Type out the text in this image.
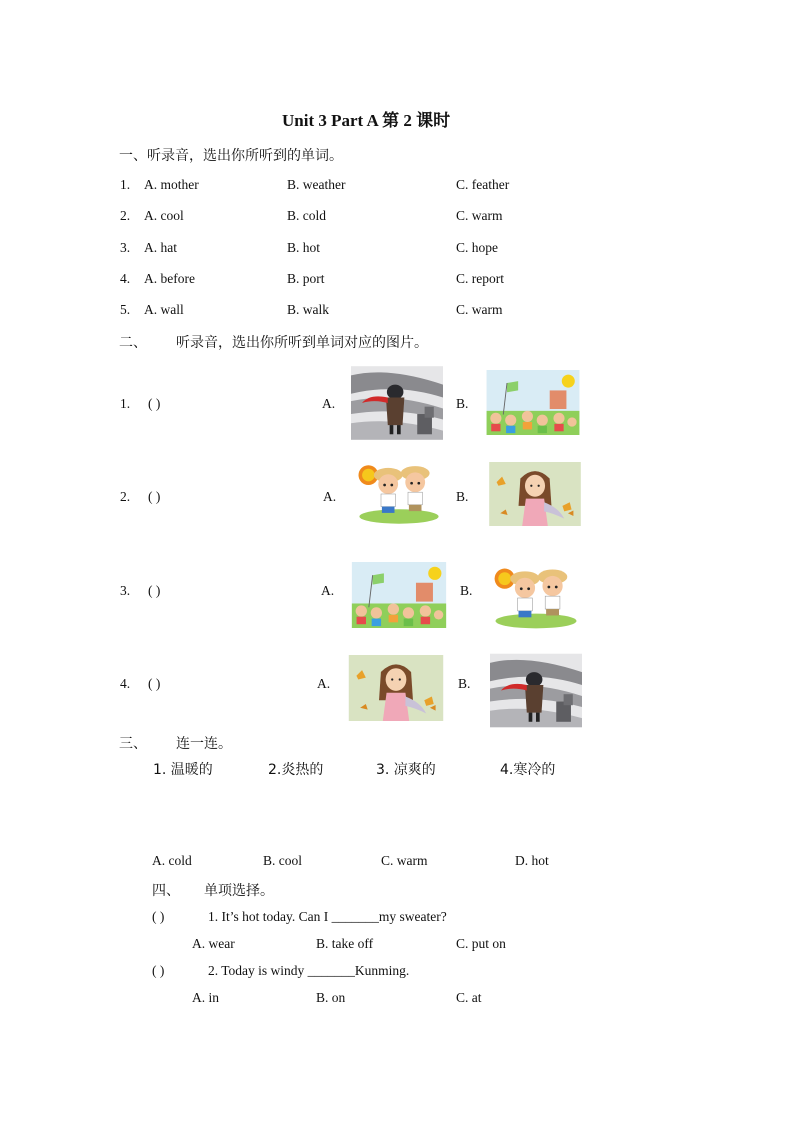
Unit 3 Part A 第 2 课时
一、听录音，选出你所听到的单词。
1. A. mother	B. weather	C. feather
2. A. cool	B. cold	C. warm
3. A. hat	B. hot	C. hope
4. A. before	B. port	C. report
5. A. wall	B. walk	C. warm
二、 听录音，选出你所听到单词对应的图片。
1. ( )	A.	B.
2. ( )	A.	B.
3. ( )	A.	B.
4. ( )	A.	B.
三、 连一连。
1. 温暖的	2.炎热的	3. 凉爽的	4.寒冷的
A. cold	B. cool	C. warm	D. hot
四、 单项选择。
( )	1. It’s hot today. Can I _______my sweater?
A. wear	B. take off	C. put on
( )	2. Today is windy _______Kunming.
A. in	B. on	C. at
